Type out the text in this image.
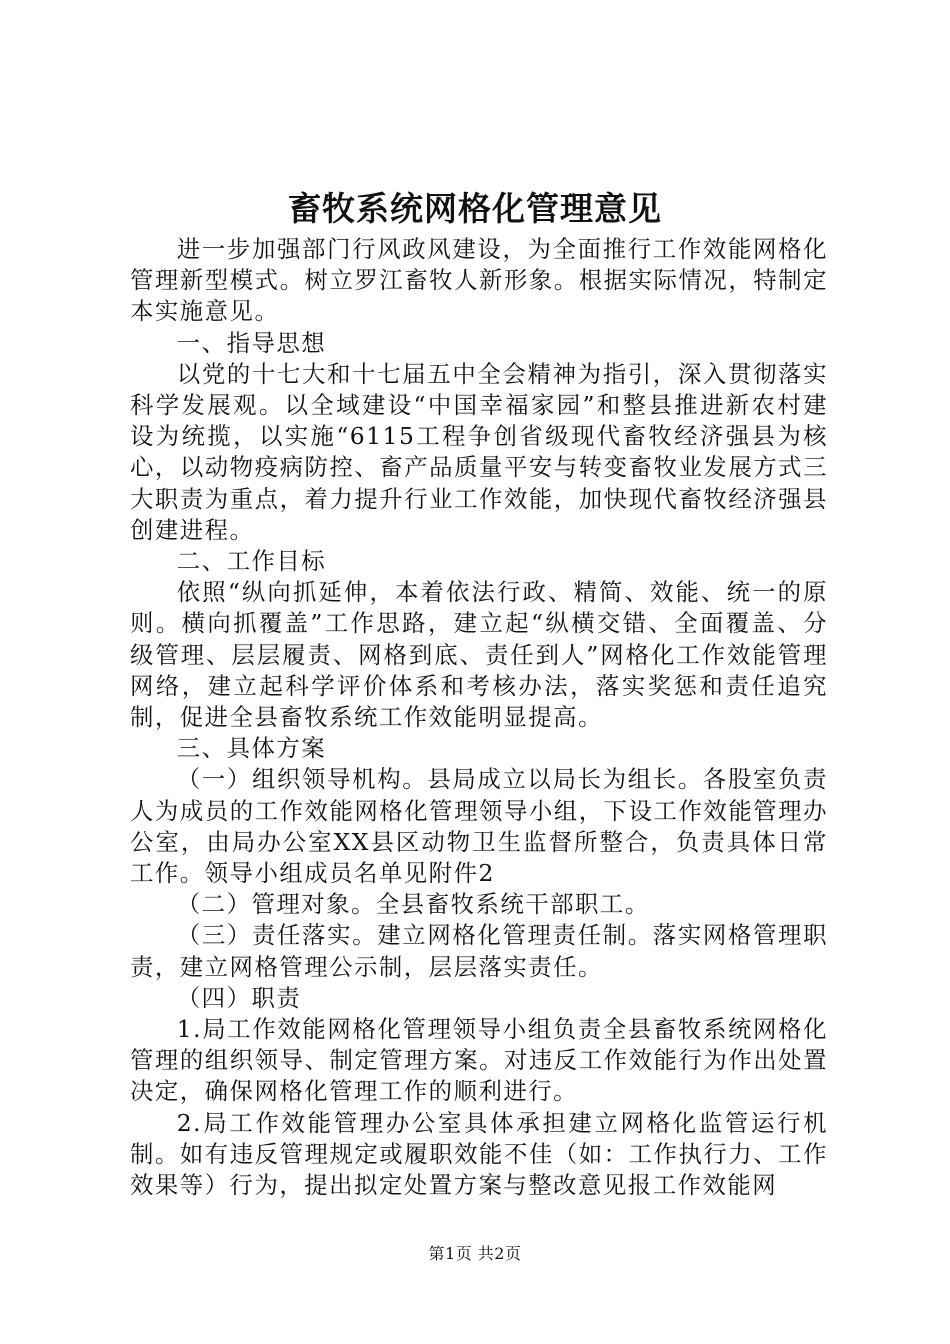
畜牧系统网格化管理意见

进一步加强部门行风政风建设，为全面推行工作效能网格化管理新型模式。树立罗江畜牧人新形象。根据实际情况，特制定本实施意见。

一、指导思想

以党的十七大和十七届五中全会精神为指引，深入贯彻落实科学发展观。以全域建设“中国幸福家园”和整县推进新农村建设为统揽，以实施“6115工程争创省级现代畜牧经济强县为核心，以动物疫病防控、畜产品质量平安与转变畜牧业发展方式三大职责为重点，着力提升行业工作效能，加快现代畜牧经济强县创建进程。

二、工作目标

依照“纵向抓延伸，本着依法行政、精简、效能、统一的原则。横向抓覆盖”工作思路，建立起“纵横交错、全面覆盖、分级管理、层层履责、网格到底、责任到人”网格化工作效能管理网络，建立起科学评价体系和考核办法，落实奖惩和责任追究制，促进全县畜牧系统工作效能明显提高。

三、具体方案

（一）组织领导机构。县局成立以局长为组长。各股室负责人为成员的工作效能网格化管理领导小组，下设工作效能管理办公室，由局办公室XX县区动物卫生监督所整合，负责具体日常工作。领导小组成员名单见附件2

（二）管理对象。全县畜牧系统干部职工。

（三）责任落实。建立网格化管理责任制。落实网格管理职责，建立网格管理公示制，层层落实责任。

（四）职责

1.局工作效能网格化管理领导小组负责全县畜牧系统网格化管理的组织领导、制定管理方案。对违反工作效能行为作出处置决定，确保网格化管理工作的顺利进行。

2.局工作效能管理办公室具体承担建立网格化监管运行机制。如有违反管理规定或履职效能不佳（如：工作执行力、工作效果等）行为，提出拟定处置方案与整改意见报工作效能网

第1页 共2页
